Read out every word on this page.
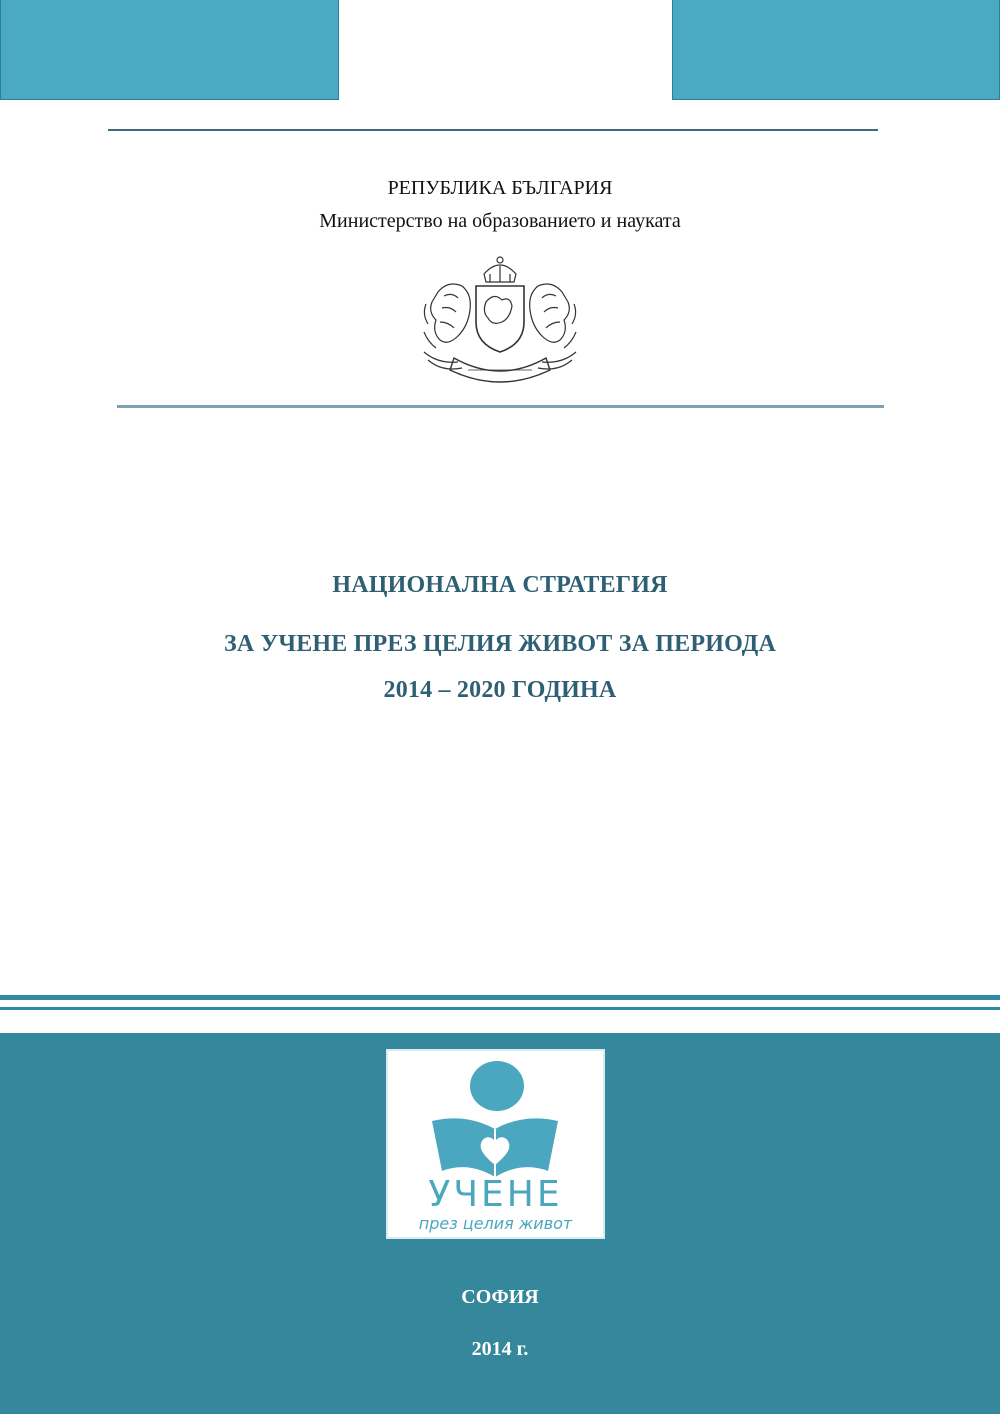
РЕПУБЛИКА БЪЛГАРИЯ
Министерство на образованието и науката
НАЦИОНАЛНА СТРАТЕГИЯ
ЗА УЧЕНЕ ПРЕЗ ЦЕЛИЯ ЖИВОТ ЗА ПЕРИОДА
2014 – 2020 ГОДИНА
УЧЕНЕ
през целия живот
СОФИЯ
2014 г.
